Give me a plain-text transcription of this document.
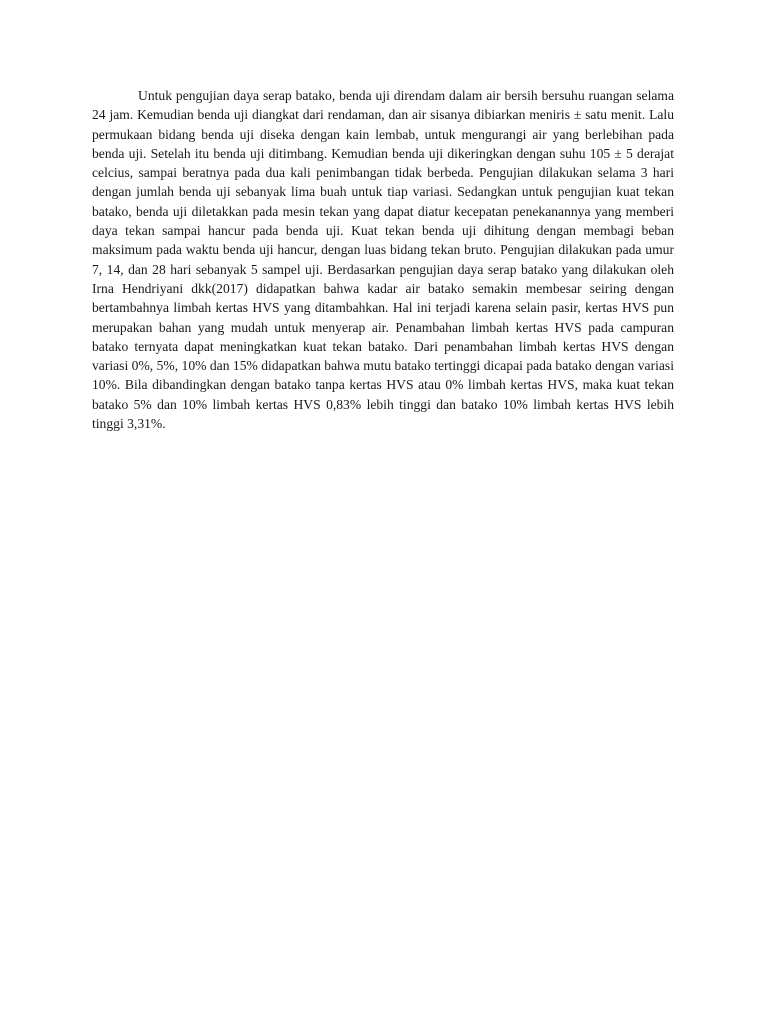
Untuk pengujian daya serap batako, benda uji direndam dalam air bersih bersuhu ruangan selama 24 jam. Kemudian benda uji diangkat dari rendaman, dan air sisanya dibiarkan meniris ± satu menit. Lalu permukaan bidang benda uji diseka dengan kain lembab, untuk mengurangi air yang berlebihan pada benda uji. Setelah itu benda uji ditimbang. Kemudian benda uji dikeringkan dengan suhu 105 ± 5 derajat celcius, sampai beratnya pada dua kali penimbangan tidak berbeda. Pengujian dilakukan selama 3 hari dengan jumlah benda uji sebanyak lima buah untuk tiap variasi. Sedangkan untuk pengujian kuat tekan batako, benda uji diletakkan pada mesin tekan yang dapat diatur kecepatan penekanannya yang memberi daya tekan sampai hancur pada benda uji. Kuat tekan benda uji dihitung dengan membagi beban maksimum pada waktu benda uji hancur, dengan luas bidang tekan bruto. Pengujian dilakukan pada umur 7, 14, dan 28 hari sebanyak 5 sampel uji. Berdasarkan pengujian daya serap batako yang dilakukan oleh Irna Hendriyani dkk(2017) didapatkan bahwa kadar air batako semakin membesar seiring dengan bertambahnya limbah kertas HVS yang ditambahkan. Hal ini terjadi karena selain pasir, kertas HVS pun merupakan bahan yang mudah untuk menyerap air. Penambahan limbah kertas HVS pada campuran batako ternyata dapat meningkatkan kuat tekan batako. Dari penambahan limbah kertas HVS dengan variasi 0%, 5%, 10% dan 15% didapatkan bahwa mutu batako tertinggi dicapai pada batako dengan variasi 10%. Bila dibandingkan dengan batako tanpa kertas HVS atau 0% limbah kertas HVS, maka kuat tekan batako 5% dan 10% limbah kertas HVS 0,83% lebih tinggi dan batako 10% limbah kertas HVS lebih tinggi 3,31%.
